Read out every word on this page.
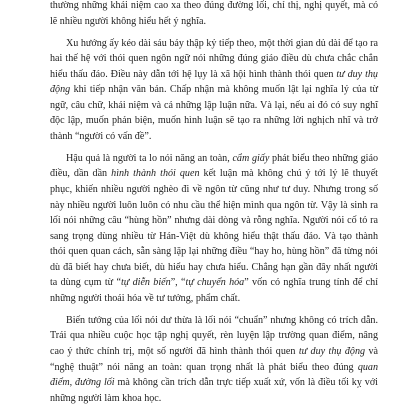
thường những khái niệm cao xa theo đúng đường lối, chỉ thị, nghị quyết, mà có lẽ nhiều người không hiểu hết ý nghĩa.

Xu hướng ấy kéo dài sáu bảy thập kỷ tiếp theo, một thời gian dủ dài để tạo ra hai thế hệ với thói quen ngôn ngữ nói những đúng giáo điều dù chưa chắc chắn hiểu thấu đáo. Điều này dẫn tới hệ lụy là xã hội hình thành thói quen tư duy thụ động khi tiếp nhận văn bản. Chấp nhận mà không muốn lật lại nghĩa lý của từ ngữ, câu chữ, khái niệm và cả những lập luận nữa. Và lại, nếu ai đó có suy nghĩ độc lập, muốn phản biện, muốn hình luận sẽ tạo ra những lời nghịch nhĩ và trở thành “người có vấn đề”.

Hậu quả là người ta lo nói năng an toàn, cẩm giấy phát biểu theo những giáo điều, dần dần hình thành thói quen kết luận mà không chú ý tới lý lẽ thuyết phục, khiến nhiều người nghèo đi về ngôn từ cũng như tư duy. Nhưng trong số này nhiều người luôn luôn có nhu cầu thể hiện mình qua ngôn từ. Vậy là sinh ra lối nói những câu “hùng hồn” nhưng dài dòng và rỗng nghĩa. Người nói cố tỏ ra sang trọng dùng nhiều từ Hán-Việt dù không hiểu thật thấu đáo. Và tạo thành thói quen quan cách, sẵn sàng lặp lại những điều “hay ho, hùng hồn” đã từng nói dù đã biết hay chưa biết, dù hiểu hay chưa hiểu. Chẳng hạn gần đây nhất người ta dùng cụm từ “tự diễn biến”, “tự chuyển hóa” vốn có nghĩa trung tính để chỉ những người thoái hóa về tư tưởng, phẩm chất.

Biến tướng của lối nói dư thừa là lối nói “chuẩn” nhưng không có trích dẫn. Trái qua nhiều cuộc học tập nghị quyết, rèn luyện lập trường quan điểm, nâng cao ý thức chính trị, một số người đã hình thành thói quen tư duy thụ động và “nghệ thuật” nói năng an toàn: quan trọng nhất là phát biểu theo đúng quan điểm, đường lối mà không cần trích dẫn trực tiếp xuất xứ, vốn là điều tối kỵ với những người làm khoa học.
